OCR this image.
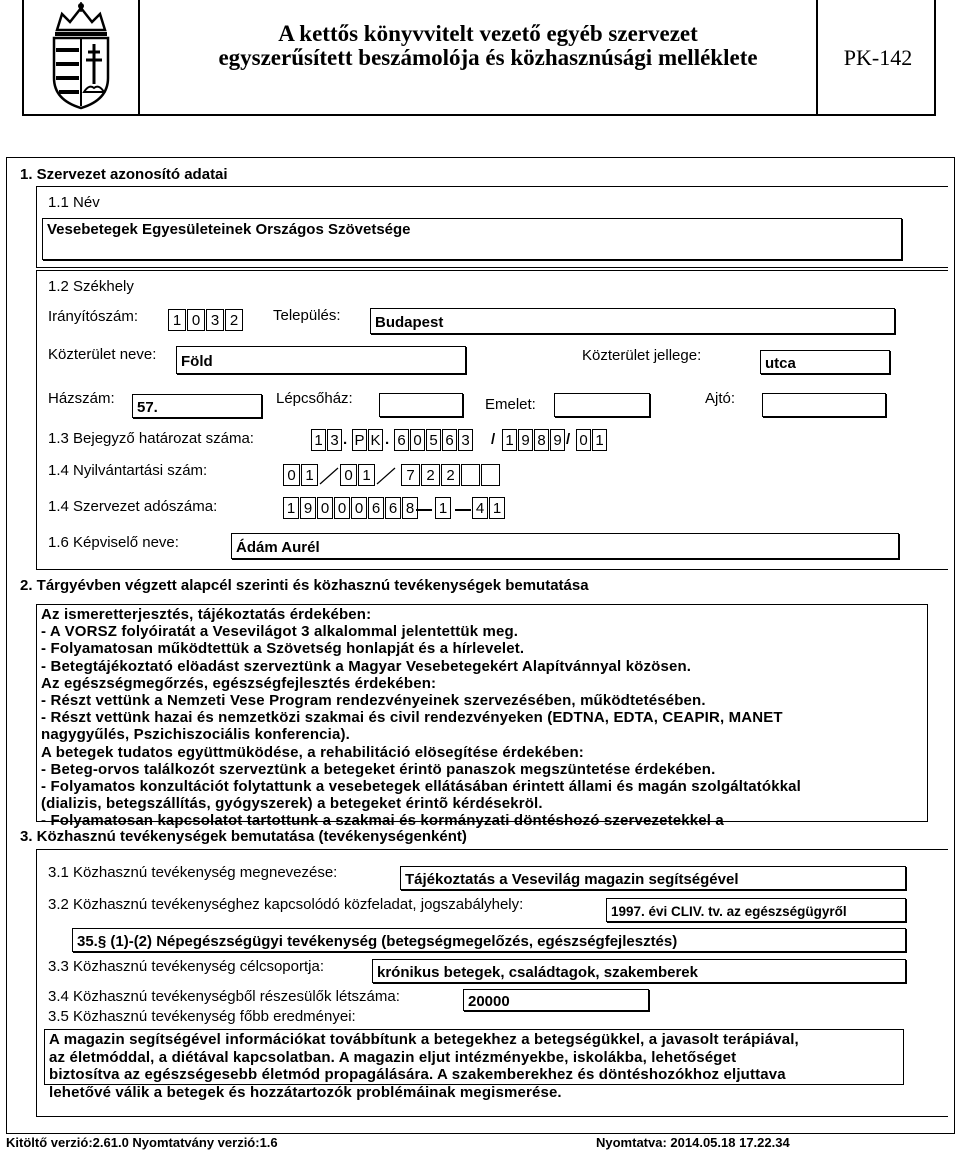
A kettős könyvvitelt vezető egyéb szervezet
egyszerűsített beszámolója és közhasznúsági melléklete	PK-142
1. Szervezet azonosító adatai
1.1 Név
Vesebetegek Egyesületeinek Országos Szövetsége
1.2 Székhely
Irányítószám:	1 0 3 2	Település:	Budapest
Közterület neve:	Föld	Közterület jellege:	utca
Házszám:
57.
Lépcsőház:	Emelet:	Ajtó:
1.3 Bejegyző határozat száma:	1 3 . P K . 6 0 5 6 3 / 1 9 8 9 / 0 1
1.4 Nyilvántartási szám:	0 1 0 1	7 2 2
1.4 Szervezet adószáma:	1 9 0 0 0 6 6 8 1 4 1
1.6 Képviselő neve:	Ádám Aurél
2. Tárgyévben végzett alapcél szerinti és közhasznú tevékenységek bemutatása
Az ismeretterjesztés, tájékoztatás érdekében:
- A VORSZ folyóiratát a Vesevilágot 3 alkalommal jelentettük meg.
- Folyamatosan működtettük a Szövetség honlapját és a hírlevelet.
- Betegtájékoztató elöadást szerveztünk a Magyar Vesebetegekért Alapítvánnyal közösen.
Az egészségmegőrzés, egészségfejlesztés érdekében:
- Részt vettünk a Nemzeti Vese Program rendezvényeinek szervezésében, működtetésében.
- Részt vettünk hazai és nemzetközi szakmai és civil rendezvényeken (EDTNA, EDTA, CEAPIR, MANET
nagygyűlés, Pszichiszociális konferencia).
A betegek tudatos együttmüködése, a rehabilitáció elösegítése érdekében:
- Beteg-orvos találkozót szerveztünk a betegeket érintö panaszok megszüntetése érdekében.
- Folyamatos konzultációt folytattunk a vesebetegek ellátásában érintett állami és magán szolgáltatókkal
(dializis, betegszállítás, gyógyszerek) a betegeket érintõ kérdésekröl.
- Folyamatosan kapcsolatot tartottunk a szakmai és kormányzati döntéshozó szervezetekkel a
3. Közhasznú tevékenységek bemutatása (tevékenységenként)
3.1 Közhasznú tevékenység megnevezése:	Tájékoztatás a Vesevilág magazin segítségével
3.2 Közhasznú tevékenységhez kapcsolódó közfeladat, jogszabályhely:	1997. évi CLIV. tv. az egészségügyről
35.§ (1)-(2) Népegészségügyi tevékenység (betegségmegelőzés, egészségfejlesztés)
3.3 Közhasznú tevékenység célcsoportja:	krónikus betegek, családtagok, szakemberek
3.4 Közhasznú tevékenységből részesülők létszáma:	20000
3.5 Közhasznú tevékenység főbb eredményei:
A magazin segítségével információkat továbbítunk a betegekhez a betegségükkel, a javasolt terápiával,
az életmóddal, a diétával kapcsolatban. A magazin eljut intézményekbe, iskolákba, lehetőséget
biztosítva az egészségesebb életmód propagálására. A szakemberekhez és döntéshozókhoz eljuttava
lehetővé válik a betegek és hozzátartozók problémáinak megismerése.
Kitöltő verzió:2.61.0 Nyomtatvány verzió:1.6	Nyomtatva: 2014.05.18 17.22.34
